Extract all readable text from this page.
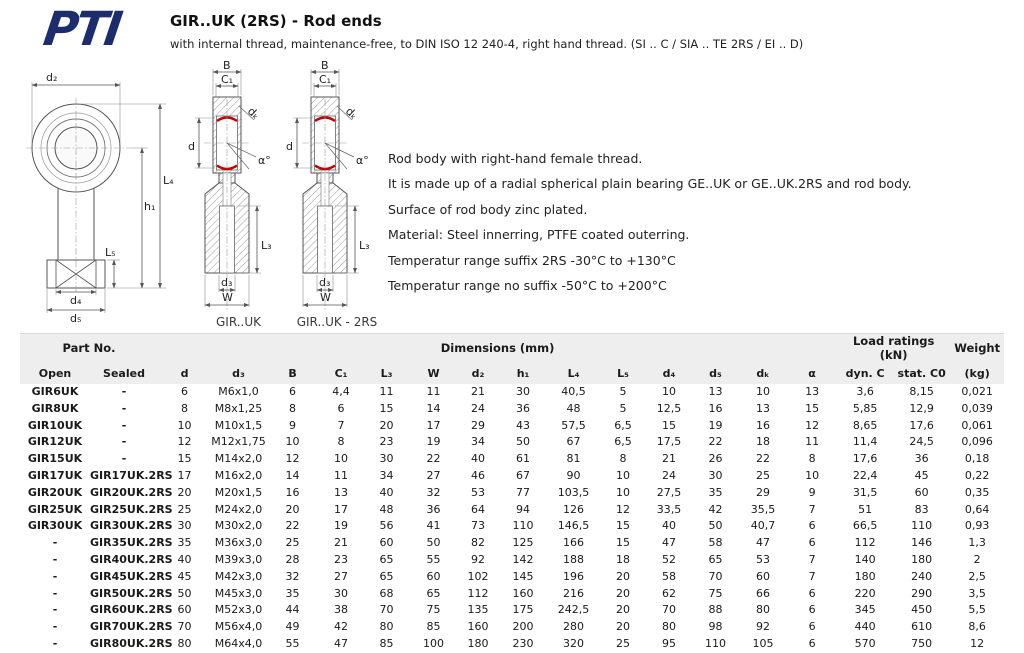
PTI	GIR..UK (2RS) - Rod ends
with internal thread, maintenance-free, to DIN ISO 12 240-4, right hand thread. (SI .. C / SIA .. TE 2RS / EI .. D)
d₂
L₄
h₁
L₅
d₄
d₅
B
C₁
d
dₖ
α°
L₃
d₃
W
GIR..UK	GIR..UK - 2RS
Rod body with right-hand female thread.
It is made up of a radial spherical plain bearing GE..UK or GE..UK.2RS and rod body.
Surface of rod body zinc plated.
Material: Steel innerring, PTFE coated outerring.
Temperatur range suffix 2RS -30°C to +130°C
Temperatur range no suffix -50°C to +200°C
Part No.		Dimensions (mm)														Load ratings (kN)		Weight
Open	Sealed	d	d₃	B	C₁	L₃	W	d₂	h₁	L₄	L₅	d₄	d₅	dₖ	α	dyn. C	stat. C0	(kg)
GIR6UK	-	6	M6x1,0	6	4,4	11	11	21	30	40,5	5	10	13	10	13	3,6	8,15	0,021
GIR8UK	-	8	M8x1,25	8	6	15	14	24	36	48	5	12,5	16	13	15	5,85	12,9	0,039
GIR10UK	-	10	M10x1,5	9	7	20	17	29	43	57,5	6,5	15	19	16	12	8,65	17,6	0,061
GIR12UK	-	12	M12x1,75	10	8	23	19	34	50	67	6,5	17,5	22	18	11	11,4	24,5	0,096
GIR15UK	-	15	M14x2,0	12	10	30	22	40	61	81	8	21	26	22	8	17,6	36	0,18
GIR17UK	GIR17UK.2RS	17	M16x2,0	14	11	34	27	46	67	90	10	24	30	25	10	22,4	45	0,22
GIR20UK	GIR20UK.2RS	20	M20x1,5	16	13	40	32	53	77	103,5	10	27,5	35	29	9	31,5	60	0,35
GIR25UK	GIR25UK.2RS	25	M24x2,0	20	17	48	36	64	94	126	12	33,5	42	35,5	7	51	83	0,64
GIR30UK	GIR30UK.2RS	30	M30x2,0	22	19	56	41	73	110	146,5	15	40	50	40,7	6	66,5	110	0,93
-	GIR35UK.2RS	35	M36x3,0	25	21	60	50	82	125	166	15	47	58	47	6	112	146	1,3
-	GIR40UK.2RS	40	M39x3,0	28	23	65	55	92	142	188	18	52	65	53	7	140	180	2
-	GIR45UK.2RS	45	M42x3,0	32	27	65	60	102	145	196	20	58	70	60	7	180	240	2,5
-	GIR50UK.2RS	50	M45x3,0	35	30	68	65	112	160	216	20	62	75	66	6	220	290	3,5
-	GIR60UK.2RS	60	M52x3,0	44	38	70	75	135	175	242,5	20	70	88	80	6	345	450	5,5
-	GIR70UK.2RS	70	M56x4,0	49	42	80	85	160	200	280	20	80	98	92	6	440	610	8,6
-	GIR80UK.2RS	80	M64x4,0	55	47	85	100	180	230	320	25	95	110	105	6	570	750	12
